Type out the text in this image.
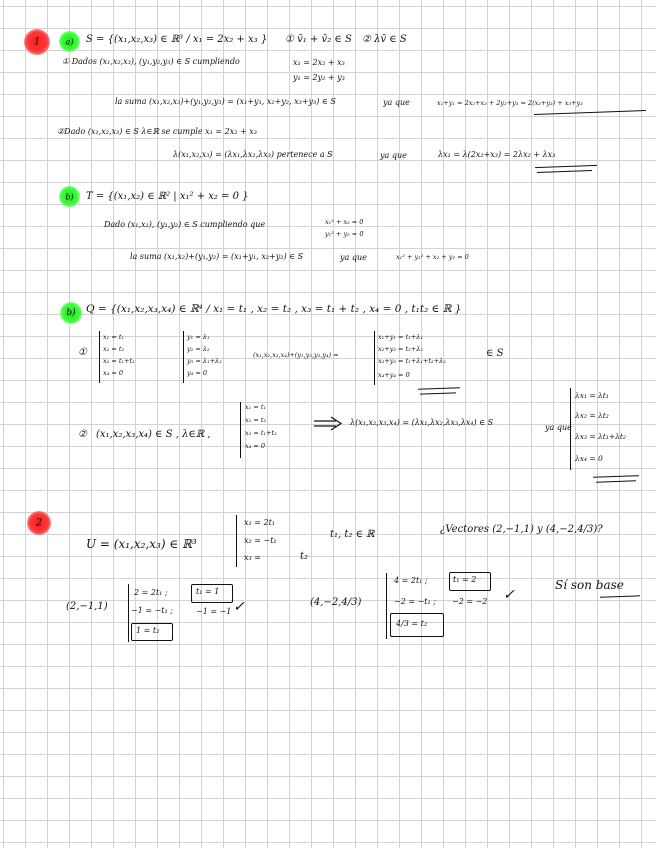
1	a)	S = {(x₁,x₂,x₃) ∈ ℝ³ / x₁ = 2x₂ + x₃ } ① v̄₁ + v̄₂ ∈ S ② λv̄ ∈ S
① Dados (x₁,x₂,x₃), (y₁,y₂,y₃) ∈ S cumpliendo	x₁ = 2x₂ + x₃
y₁ = 2y₂ + y₃
la suma (x₁,x₂,x₃)+(y₁,y₂,y₃) = (x₁+y₁, x₂+y₂, x₃+y₃) ∈ S	ya que	x₁+y₁ = 2x₂+x₃ + 2y₂+y₃ = 2(x₂+y₂) + x₃+y₃
②Dado (x₁,x₂,x₃) ∈ S λ∈ℝ se cumple x₁ = 2x₂ + x₃
λ(x₁,x₂,x₃) = (λx₁,λx₂,λx₃) pertenece a S	ya que	λx₁ = λ(2x₂+x₃) = 2λx₂ + λx₃
b)	T = {(x₁,x₂) ∈ ℝ² | x₁² + x₂ = 0 }
Dado (x₁,x₂), (y₁,y₂) ∈ S cumpliendo que	x₁² + x₂ = 0
y₁² + y₂ = 0
la suma (x₁,x₂)+(y₁,y₂) = (x₁+y₁, x₂+y₂) ∈ S	ya que	x₁² + y₁² + x₂ + y₂ = 0
b) Q = {(x₁,x₂,x₃,x₄) ∈ ℝ⁴ / x₁ = t₁ , x₂ = t₂ , x₃ = t₁ + t₂ , x₄ = 0 , t₁t₂ ∈ ℝ }
①
x₁ = t₁
x₂ = t₂
x₃ = t₁+t₂
x₄ = 0
y₁ = λ₁
y₂ = λ₂
y₃ = λ₁+λ₂
y₄ = 0
(x₁,x₂,x₃,x₄)+(y₁,y₂,y₃,y₄) =
x₁+y₁ = t₁+λ₁
x₂+y₂ = t₂+λ₂
x₃+y₃ = t₁+λ₁+t₂+λ₂
x₄+y₄ = 0
∈ S
② (x₁,x₂,x₃,x₄) ∈ S , λ∈ℝ ,
x₁ = t₁
x₂ = t₂
x₃ = t₁+t₂
x₄ = 0
λ(x₁,x₂,x₃,x₄) = (λx₁,λx₂,λx₃,λx₄) ∈ S
ya que
λx₁ = λt₁
λx₂ = λt₂
λx₃ = λt₁+λt₂
λx₄ = 0
2
U = (x₁,x₂,x₃) ∈ ℝ³
x₁ = 2t₁
x₂ = −t₁
x₃ =	t₂
t₁, t₂ ∈ ℝ	¿Vectores (2,−1,1) y (4,−2,4/3)?
(2,−1,1)
2 = 2t₁ ;
−1 = −t₁ ;
1 = t₂
t₁ = 1
−1 = −1 ✓	(4,−2,4/3)
4 = 2t₁ ;
−2 = −t₁ ;
4/3 = t₂
t₁ = 2
−2 = −2 ✓
Sí son base
